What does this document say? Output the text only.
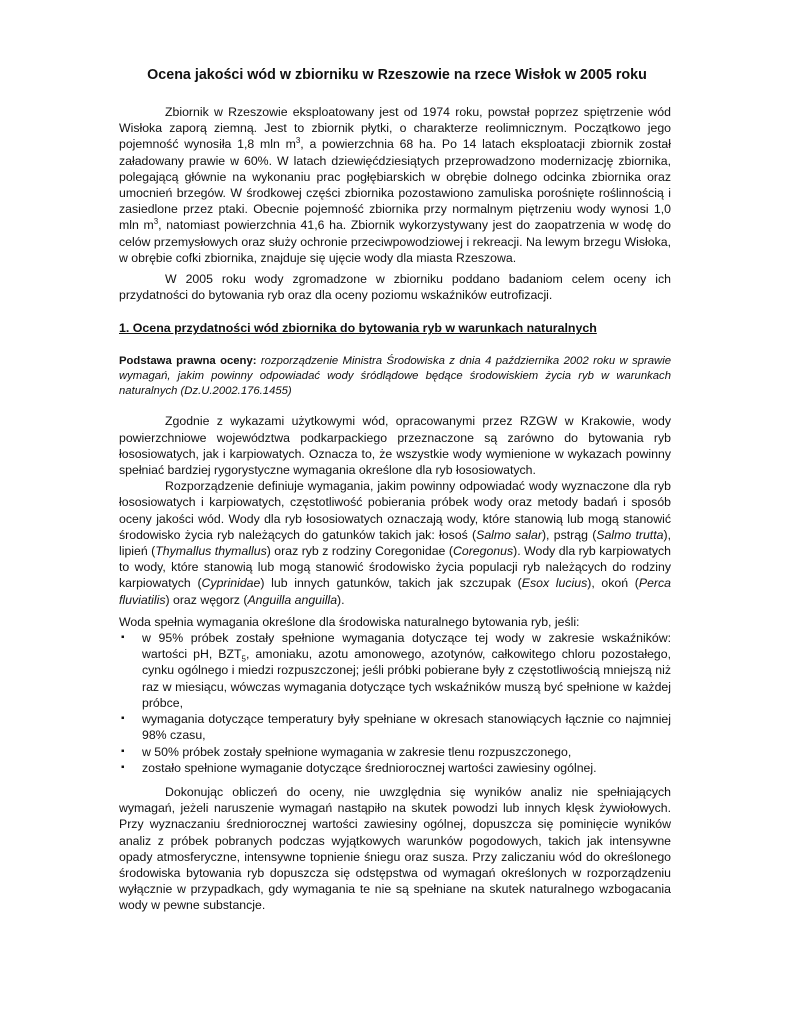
Ocena jakości wód w zbiorniku w Rzeszowie na rzece Wisłok w 2005 roku

Zbiornik w Rzeszowie eksploatowany jest od 1974 roku, powstał poprzez spiętrzenie wód Wisłoka zaporą ziemną. Jest to zbiornik płytki, o charakterze reolimnicznym. Początkowo jego pojemność wynosiła 1,8 mln $m^3$, a powierzchnia 68 ha. Po 14 latach eksploatacji zbiornik został załadowany prawie w 60%. W latach dziewięćdziesiątych przeprowadzono modernizację zbiornika, polegającą głównie na wykonaniu prac pogłębiarskich w obrębie dolnego odcinka zbiornika oraz umocnień brzegów. W środkowej części zbiornika pozostawiono zamuliska porośnięte roślinnością i zasiedlone przez ptaki. Obecnie pojemność zbiornika przy normalnym piętrzeniu wody wynosi 1,0 mln $m^3$, natomiast powierzchnia 41,6 ha. Zbiornik wykorzystywany jest do zaopatrzenia w wodę do celów przemysłowych oraz służy ochronie przeciwpowodziowej i rekreacji. Na lewym brzegu Wisłoka, w obrębie cofki zbiornika, znajduje się ujęcie wody dla miasta Rzeszowa.

W 2005 roku wody zgromadzone w zbiorniku poddano badaniom celem oceny ich przydatności do bytowania ryb oraz dla oceny poziomu wskaźników eutrofizacji.

1. Ocena przydatności wód zbiornika do bytowania ryb w warunkach naturalnych

Podstawa prawna oceny: rozporządzenie Ministra Środowiska z dnia 4 października 2002 roku w sprawie wymagań, jakim powinny odpowiadać wody śródlądowe będące środowiskiem życia ryb w warunkach naturalnych (Dz.U.2002.176.1455)

Zgodnie z wykazami użytkowymi wód, opracowanymi przez RZGW w Krakowie, wody powierzchniowe województwa podkarpackiego przeznaczone są zarówno do bytowania ryb łososiowatych, jak i karpiowatych. Oznacza to, że wszystkie wody wymienione w wykazach powinny spełniać bardziej rygorystyczne wymagania określone dla ryb łososiowatych.

Rozporządzenie definiuje wymagania, jakim powinny odpowiadać wody wyznaczone dla ryb łososiowatych i karpiowatych, częstotliwość pobierania próbek wody oraz metody badań i sposób oceny jakości wód. Wody dla ryb łososiowatych oznaczają wody, które stanowią lub mogą stanowić środowisko życia ryb należących do gatunków takich jak: łosoś (Salmo salar), pstrąg (Salmo trutta), lipień (Thymallus thymallus) oraz ryb z rodziny Coregonidae (Coregonus). Wody dla ryb karpiowatych to wody, które stanowią lub mogą stanowić środowisko życia populacji ryb należących do rodziny karpiowatych (Cyprinidae) lub innych gatunków, takich jak szczupak (Esox lucius), okoń (Perca fluviatilis) oraz węgorz (Anguilla anguilla).

Woda spełnia wymagania określone dla środowiska naturalnego bytowania ryb, jeśli:

▪ w 95% próbek zostały spełnione wymagania dotyczące tej wody w zakresie wskaźników: wartości pH, $BZT_5$, amoniaku, azotu amonowego, azotynów, całkowitego chloru pozostałego, cynku ogólnego i miedzi rozpuszczonej; jeśli próbki pobierane były z częstotliwością mniejszą niż raz w miesiącu, wówczas wymagania dotyczące tych wskaźników muszą być spełnione w każdej próbce,
▪ wymagania dotyczące temperatury były spełniane w okresach stanowiących łącznie co najmniej 98% czasu,
▪ w 50% próbek zostały spełnione wymagania w zakresie tlenu rozpuszczonego,
▪ zostało spełnione wymaganie dotyczące średniorocznej wartości zawiesiny ogólnej.

Dokonując obliczeń do oceny, nie uwzględnia się wyników analiz nie spełniających wymagań, jeżeli naruszenie wymagań nastąpiło na skutek powodzi lub innych klęsk żywiołowych. Przy wyznaczaniu średniorocznej wartości zawiesiny ogólnej, dopuszcza się pominięcie wyników analiz z próbek pobranych podczas wyjątkowych warunków pogodowych, takich jak intensywne opady atmosferyczne, intensywne topnienie śniegu oraz susza. Przy zaliczaniu wód do określonego środowiska bytowania ryb dopuszcza się odstępstwa od wymagań określonych w rozporządzeniu wyłącznie w przypadkach, gdy wymagania te nie są spełniane na skutek naturalnego wzbogacania wody w pewne substancje.
